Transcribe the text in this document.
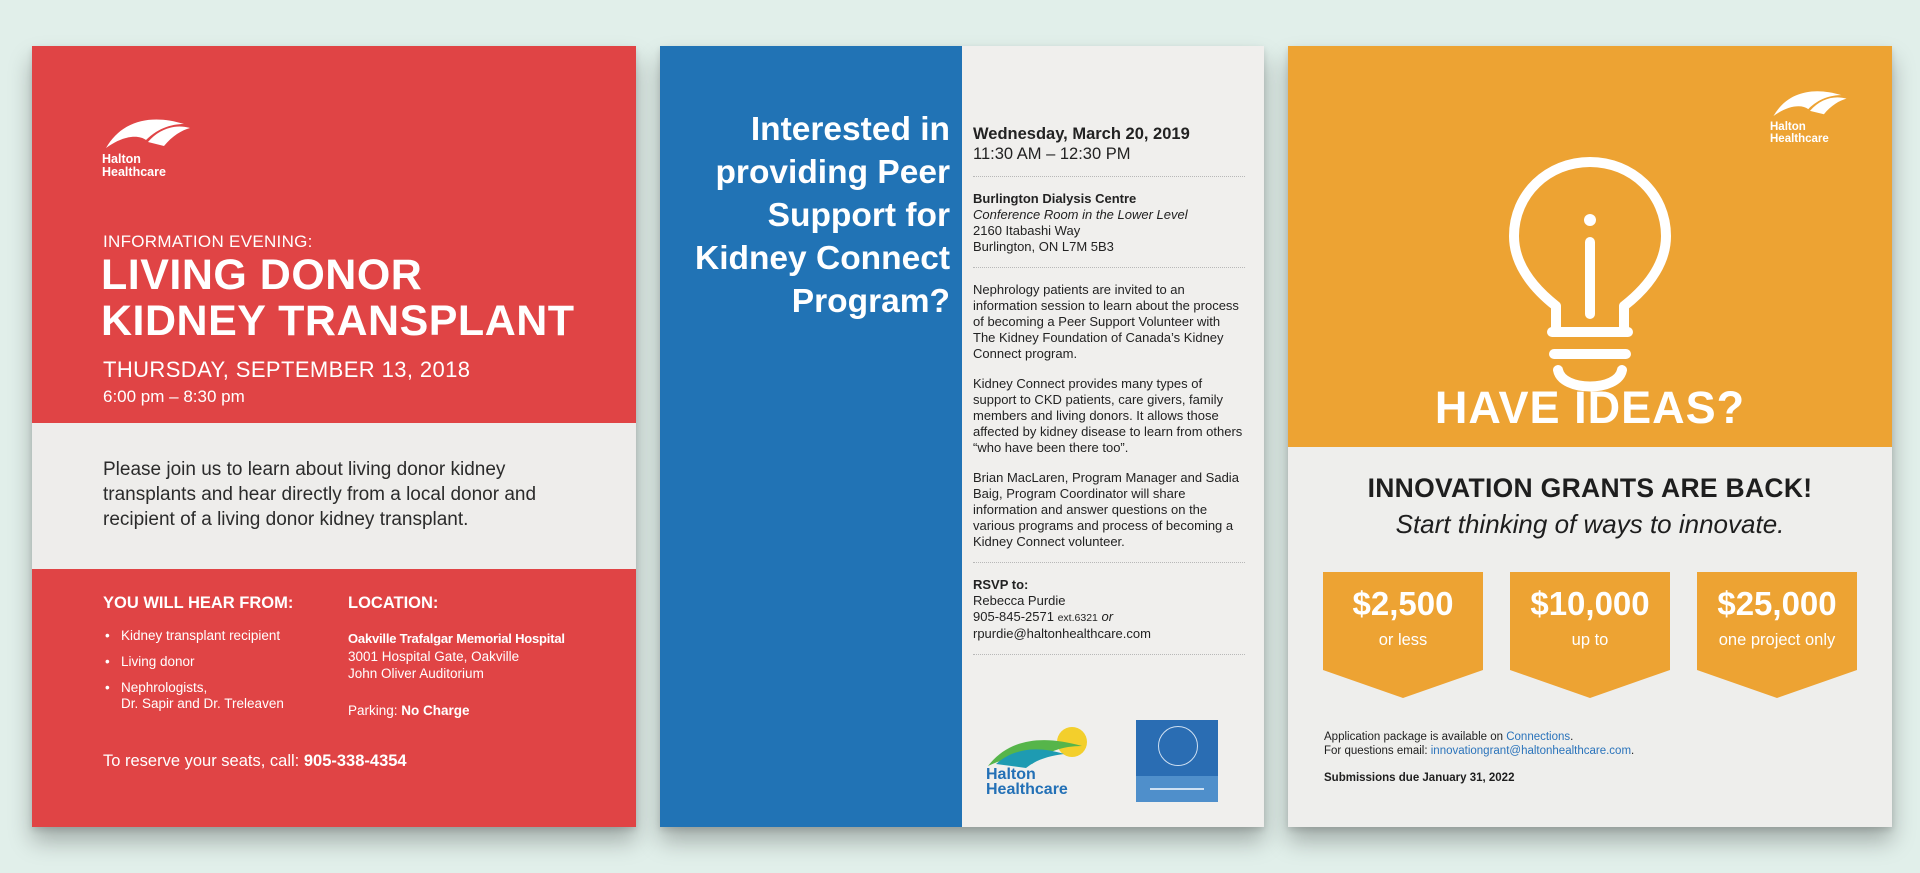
Halton
Healthcare
INFORMATION EVENING:
LIVING DONOR
KIDNEY TRANSPLANT
THURSDAY, SEPTEMBER 13, 2018
6:00 pm – 8:30 pm

Please join us to learn about living donor kidney transplants and hear directly from a local donor and recipient of a living donor kidney transplant.

YOU WILL HEAR FROM:
• Kidney transplant recipient
• Living donor
• Nephrologists,
Dr. Sapir and Dr. Treleaven
LOCATION:
Oakville Trafalgar Memorial Hospital
3001 Hospital Gate, Oakville
John Oliver Auditorium
Parking: No Charge
To reserve your seats, call: 905-338-4354
Interested in
providing Peer
Support for
Kidney Connect
Program?
Wednesday, March 20, 2019
11:30 AM – 12:30 PM
Burlington Dialysis Centre
Conference Room in the Lower Level
2160 Itabashi Way
Burlington, ON L7M 5B3

Nephrology patients are invited to an information session to learn about the process of becoming a Peer Support Volunteer with The Kidney Foundation of Canada’s Kidney Connect program.

Kidney Connect provides many types of support to CKD patients, care givers, family members and living donors. It allows those affected by kidney disease to learn from others “who have been there too”.

Brian MacLaren, Program Manager and Sadia Baig, Program Coordinator will share information and answer questions on the various programs and process of becoming a Kidney Connect volunteer.

RSVP to:
Rebecca Purdie
905-845-2571 ext.6321 or
rpurdie@haltonhealthcare.com
Halton
Healthcare
Halton
Healthcare
HAVE IDEAS?
INNOVATION GRANTS ARE BACK!
Start thinking of ways to innovate.
$2,500
or less
$10,000
up to
$25,000
one project only
Application package is available on Connections.
For questions email: innovationgrant@haltonhealthcare.com.
Submissions due January 31, 2022
